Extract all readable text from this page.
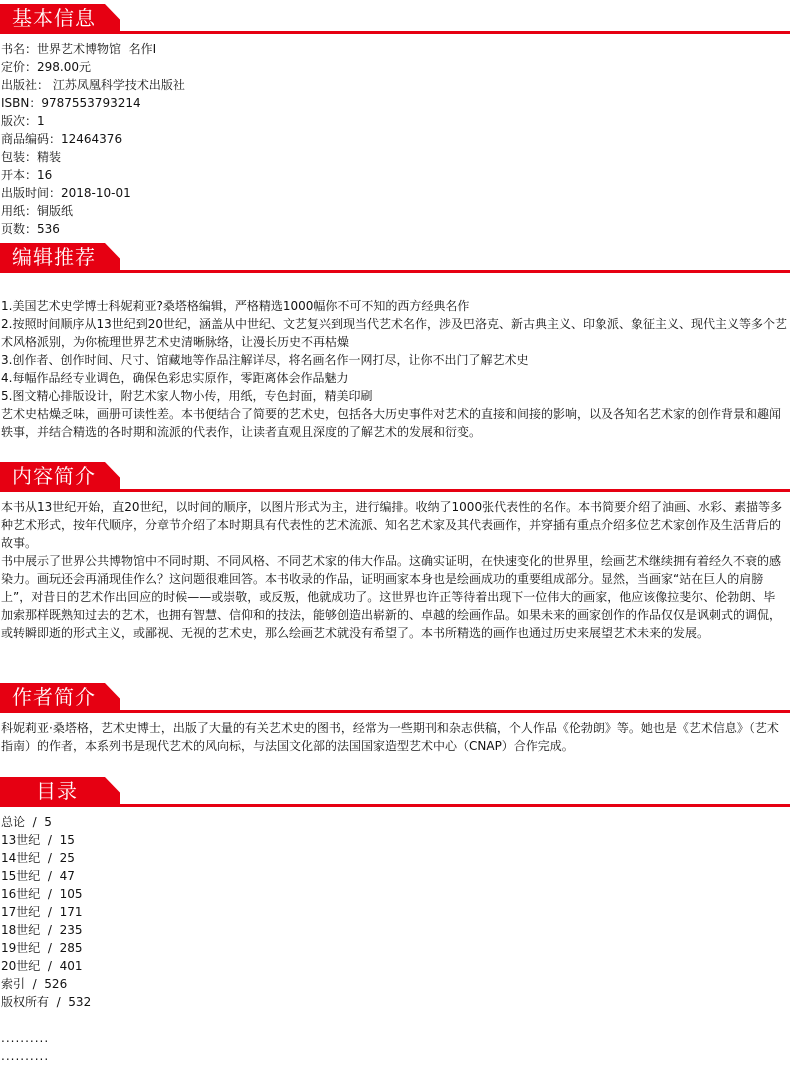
基本信息
书名：世界艺术博物馆  名作Ⅰ
定价：298.00元
出版社： 江苏凤凰科学技术出版社
ISBN：9787553793214
版次：1
商品编码：12464376
包装：精装
开本：16
出版时间：2018-10-01
用纸：铜版纸
页数：536
编辑推荐
1.美国艺术史学博士科妮莉亚?桑塔格编辑，严格精选1000幅你不可不知的西方经典名作
2.按照时间顺序从13世纪到20世纪，涵盖从中世纪、文艺复兴到现当代艺术名作，涉及巴洛克、新古典主义、印象派、象征主义、现代主义等多个艺术风格派别，为你梳理世界艺术史清晰脉络，让漫长历史不再枯燥
3.创作者、创作时间、尺寸、馆藏地等作品注解详尽，将名画名作一网打尽，让你不出门了解艺术史
4.每幅作品经专业调色，确保色彩忠实原作，零距离体会作品魅力
5.图文精心排版设计，附艺术家人物小传，用纸，专色封面，精美印刷
艺术史枯燥乏味，画册可读性差。本书便结合了简要的艺术史，包括各大历史事件对艺术的直接和间接的影响，以及各知名艺术家的创作背景和趣闻轶事，并结合精选的各时期和流派的代表作，让读者直观且深度的了解艺术的发展和衍变。
内容简介
本书从13世纪开始，直20世纪，以时间的顺序，以图片形式为主，进行编排。收纳了1000张代表性的名作。本书简要介绍了油画、水彩、素描等多种艺术形式，按年代顺序，分章节介绍了本时期具有代表性的艺术流派、知名艺术家及其代表画作，并穿插有重点介绍多位艺术家创作及生活背后的故事。
书中展示了世界公共博物馆中不同时期、不同风格、不同艺术家的伟大作品。这确实证明，在快速变化的世界里，绘画艺术继续拥有着经久不衰的感染力。画玩还会再涌现佳作么？这问题很难回答。本书收录的作品，证明画家本身也是绘画成功的重要组成部分。显然，当画家“站在巨人的肩膀上”，对昔日的艺术作出回应的时候——或崇敬，或反叛，他就成功了。这世界也许正等待着出现下一位伟大的画家，他应该像拉斐尔、伦勃朗、毕加索那样既熟知过去的艺术，也拥有智慧、信仰和的技法，能够创造出崭新的、卓越的绘画作品。如果未来的画家创作的作品仅仅是讽刺式的调侃，或转瞬即逝的形式主义，或鄙视、无视的艺术史，那么绘画艺术就没有希望了。本书所精选的画作也通过历史来展望艺术未来的发展。
作者简介
科妮莉亚·桑塔格，艺术史博士，出版了大量的有关艺术史的图书，经常为一些期刊和杂志供稿，个人作品《伦勃朗》等。她也是《艺术信息》（艺术指南）的作者，本系列书是现代艺术的风向标，与法国文化部的法国国家造型艺术中心（CNAP）合作完成。
目录
总论  /  5
13世纪  /  15
14世纪  /  25
15世纪  /  47
16世纪  /  105
17世纪  /  171
18世纪  /  235
19世纪  /  285
20世纪  /  401
索引  /  526
版权所有  /  532
..........
..........
